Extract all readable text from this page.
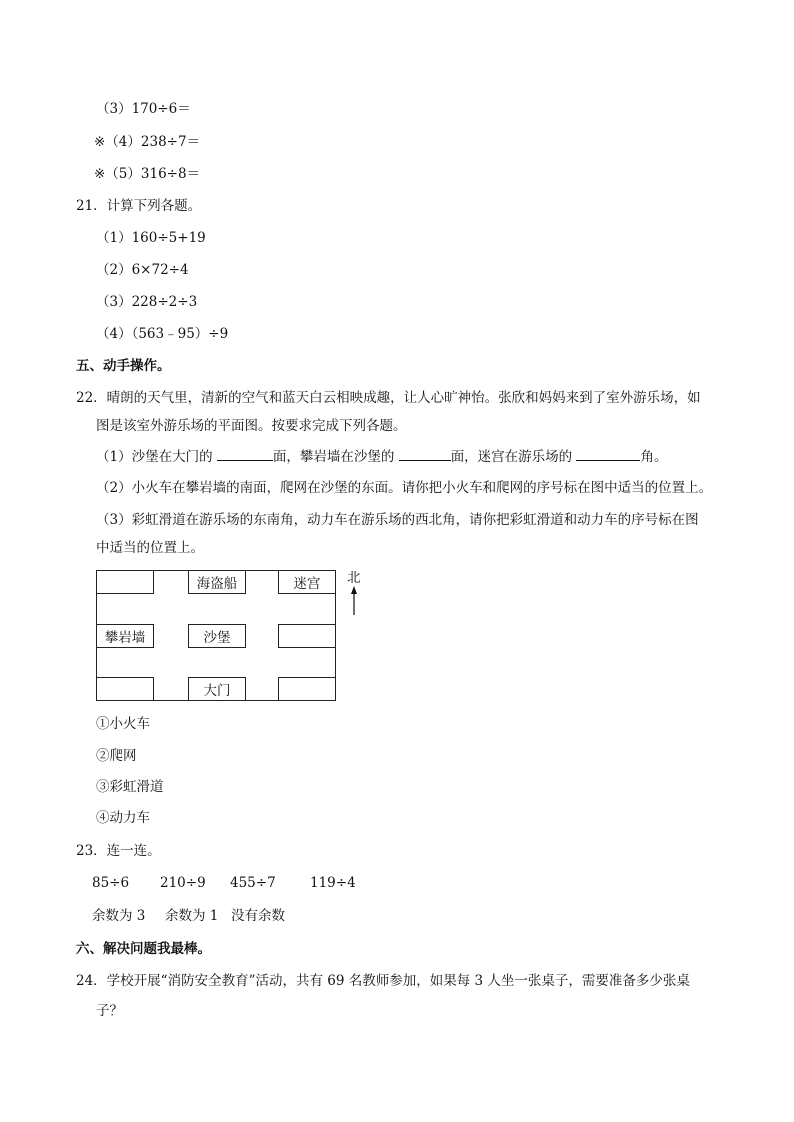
（3）170÷6＝
※（4）238÷7＝
※（5）316÷8＝
21．计算下列各题。
（1）160÷5+19
（2）6×72÷4
（3）228÷2÷3
（4）（563﹣95）÷9
五、动手操作。
22．晴朗的天气里，清新的空气和蓝天白云相映成趣，让人心旷神怡。张欣和妈妈来到了室外游乐场，如
图是该室外游乐场的平面图。按要求完成下列各题。
（1）沙堡在大门的	面，攀岩墙在沙堡的	面，迷宫在游乐场的	角。
（2）小火车在攀岩墙的南面，爬网在沙堡的东面。请你把小火车和爬网的序号标在图中适当的位置上。
（3）彩虹滑道在游乐场的东南角，动力车在游乐场的西北角，请你把彩虹滑道和动力车的序号标在图
中适当的位置上。
海盗船	迷宫
攀岩墙	沙堡
大门
北
①小火车
②爬网
③彩虹滑道
④动力车
23．连一连。
85÷6 210÷9 455÷7	119÷4
余数为 3 余数为 1 没有余数
六、解决问题我最棒。
24．学校开展“消防安全教育”活动，共有 69 名教师参加，如果每 3 人坐一张桌子，需要准备多少张桌
子？
